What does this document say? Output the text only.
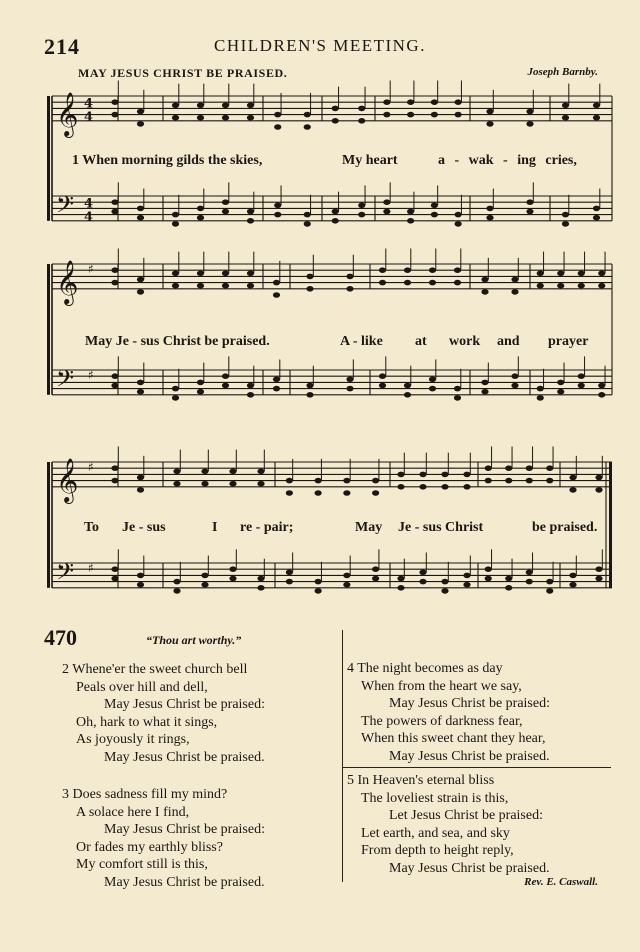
214	CHILDREN'S MEETING.
MAY JESUS CHRIST BE PRAISED.	Joseph Barnby.
𝄞 4
4
𝄢 4
4
𝄞 ♯
𝄢 ♯
𝄞 ♯
𝄢 ♯
1 When morning gilds the skies,	My heart	a - wak - ing cries,
May Je - sus Christ be praised.	A - like at work and prayer
To Je - sus	I re - pair;	May Je - sus Christ	be praised.
470	“Thou art worthy.”
2 Whene'er the sweet church bell
Peals over hill and dell,
May Jesus Christ be praised:
Oh, hark to what it sings,
As joyously it rings,
May Jesus Christ be praised.
3 Does sadness fill my mind?
A solace here I find,
May Jesus Christ be praised:
Or fades my earthly bliss?
My comfort still is this,
May Jesus Christ be praised.
4 The night becomes as day
When from the heart we say,
May Jesus Christ be praised:
The powers of darkness fear,
When this sweet chant they hear,
May Jesus Christ be praised.
5 In Heaven's eternal bliss
The loveliest strain is this,
Let Jesus Christ be praised:
Let earth, and sea, and sky
From depth to height reply,
May Jesus Christ be praised.
Rev. E. Caswall.
